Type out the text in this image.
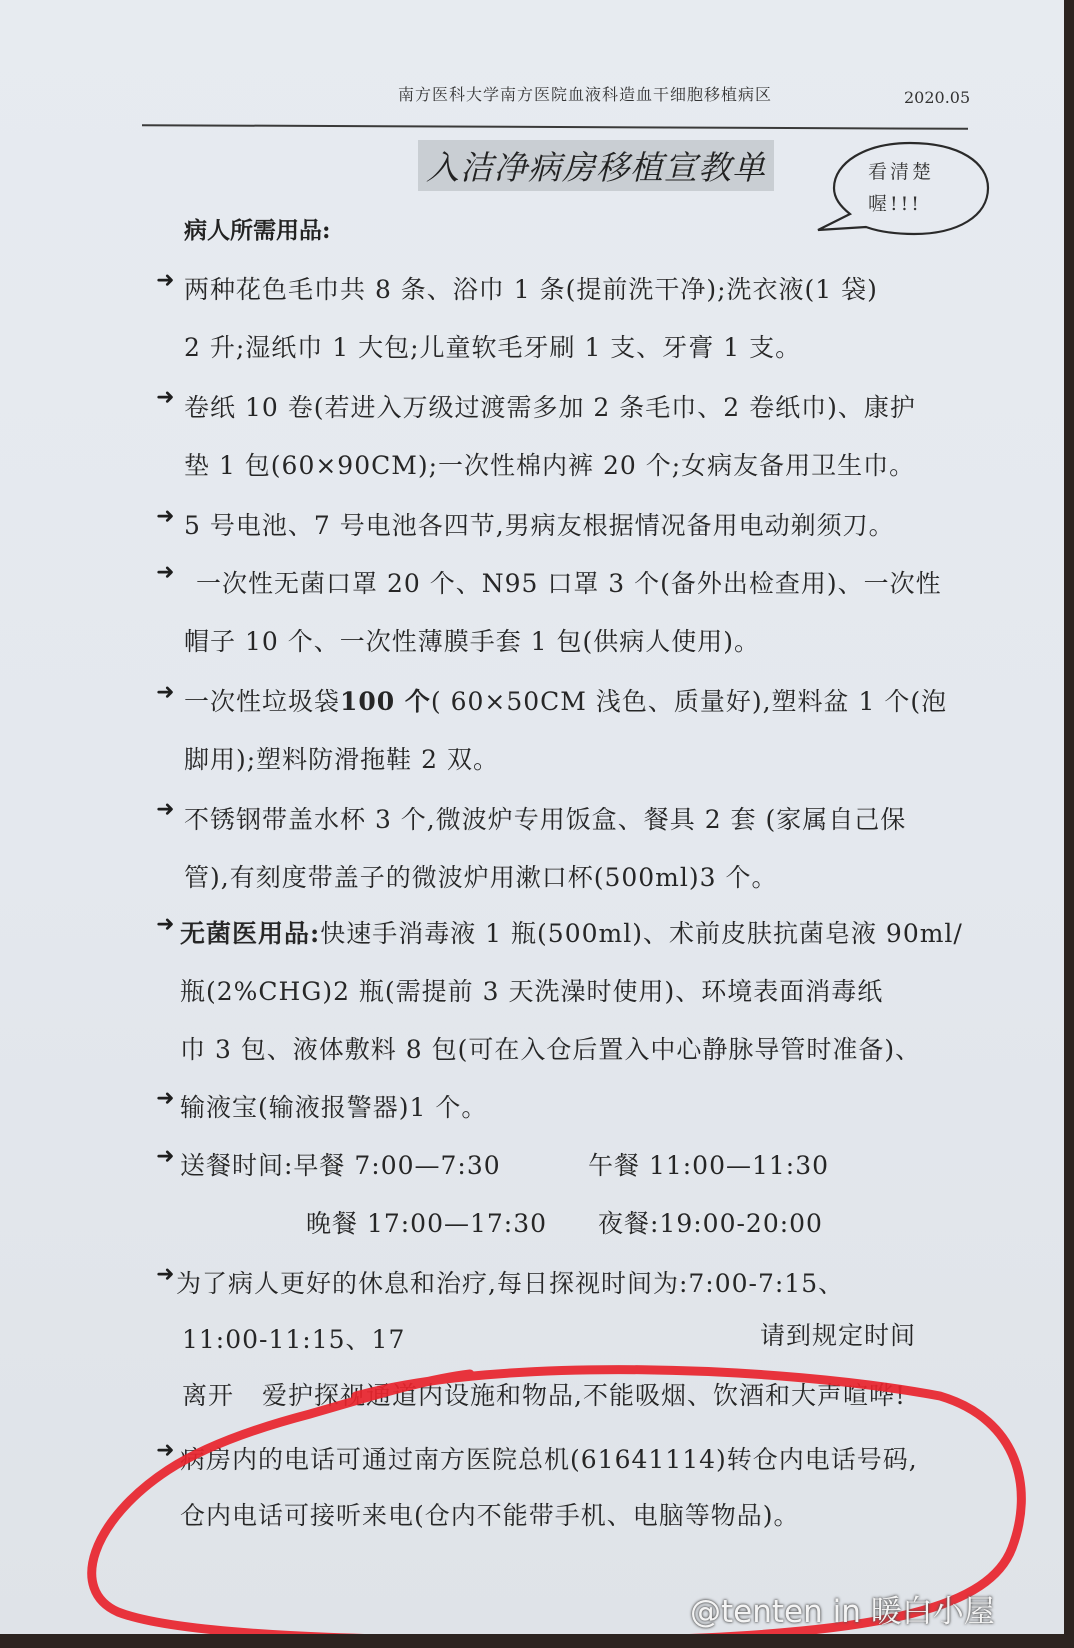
南方医科大学南方医院血液科造血干细胞移植病区	2020.05
入洁净病房移植宣教单	看清楚喔!!!
病人所需用品:
➜
➜
➜
➜
➜
➜
➜
➜
➜
➜
➜
两种花色毛巾共 8 条、浴巾 1 条(提前洗干净);洗衣液(1 袋)
2 升;湿纸巾 1 大包;儿童软毛牙刷 1 支、牙膏 1 支。
卷纸 10 卷(若进入万级过渡需多加 2 条毛巾、2 卷纸巾)、康护
垫 1 包(60×90CM);一次性棉内裤 20 个;女病友备用卫生巾。
5 号电池、7 号电池各四节,男病友根据情况备用电动剃须刀。
一次性无菌口罩 20 个、N95 口罩 3 个(备外出检查用)、一次性
帽子 10 个、一次性薄膜手套 1 包(供病人使用)。
一次性垃圾袋100 个( 60×50CM 浅色、质量好),塑料盆 1 个(泡
脚用);塑料防滑拖鞋 2 双。
不锈钢带盖水杯 3 个,微波炉专用饭盒、餐具 2 套 (家属自己保
管),有刻度带盖子的微波炉用漱口杯(500ml)3 个。
无菌医用品:快速手消毒液 1 瓶(500ml)、术前皮肤抗菌皂液 90ml/
瓶(2%CHG)2 瓶(需提前 3 天洗澡时使用)、环境表面消毒纸
巾 3 包、液体敷料 8 包(可在入仓后置入中心静脉导管时准备)、
输液宝(输液报警器)1 个。
送餐时间:早餐 7:00—7:30	午餐 11:00—11:30
晚餐 17:00—17:30 夜餐:19:00-20:00
为了病人更好的休息和治疗,每日探视时间为:7:00-7:15、
11:00-11:15、17	请到规定时间
离开 爱护探视通道内设施和物品,不能吸烟、饮酒和大声喧哗!
病房内的电话可通过南方医院总机(61641114)转仓内电话号码,
仓内电话可接听来电(仓内不能带手机、电脑等物品)。
@tenten in 暖白小屋
